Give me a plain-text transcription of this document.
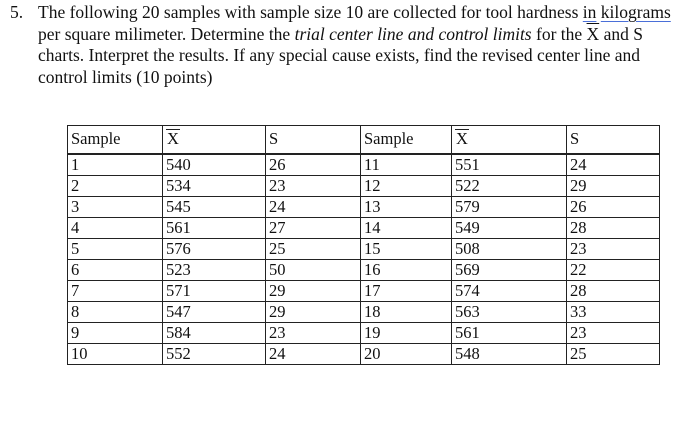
5. The following 20 samples with sample size 10 are collected for tool hardness in kilograms per square milimeter. Determine the trial center line and control limits for the $\overline{X}$ and S charts. Interpret the results. If any special cause exists, find the revised center line and control limits (10 points)
Sample	X	S	Sample	X	S
1	540	26	11	551	24
2	534	23	12	522	29
3	545	24	13	579	26
4	561	27	14	549	28
5	576	25	15	508	23
6	523	50	16	569	22
7	571	29	17	574	28
8	547	29	18	563	33
9	584	23	19	561	23
10	552	24	20	548	25
